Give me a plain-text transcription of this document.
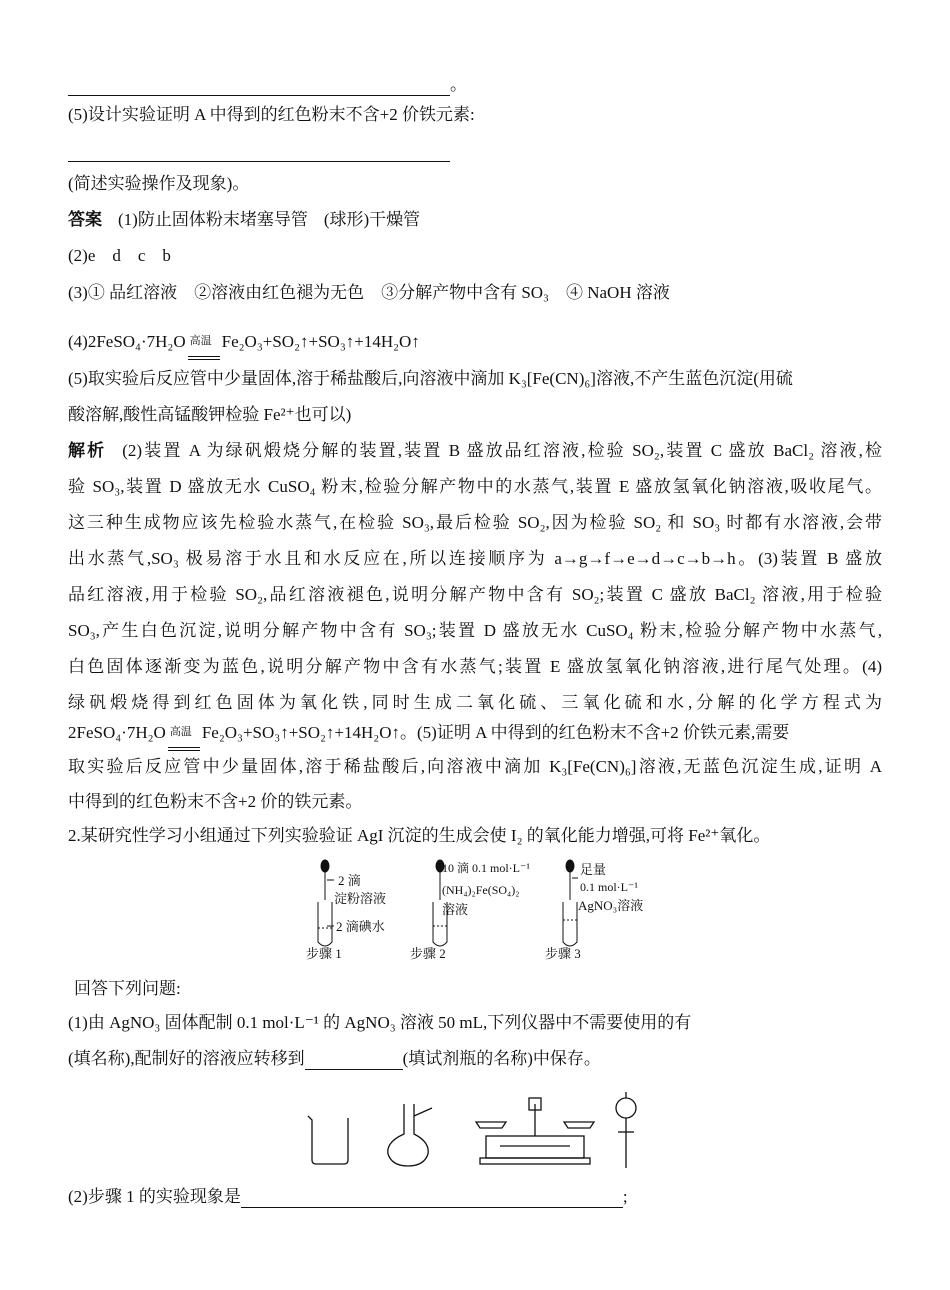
。
(5)设计实验证明 A 中得到的红色粉末不含+2 价铁元素:
(简述实验操作及现象)。
答案 (1)防止固体粉末堵塞导管 (球形)干燥管
(2)e　d　c　b
(3)① 品红溶液　②溶液由红色褪为无色　③分解产物中含有 SO₃　④ NaOH 溶液
(4)2FeSO₄·7H₂O 高温 Fe₂O₃+SO₂↑+SO₃↑+14H₂O↑
(5)取实验后反应管中少量固体,溶于稀盐酸后,向溶液中滴加 K₃[Fe(CN)₆]溶液,不产生蓝色沉淀(用硫
酸溶解,酸性高锰酸钾检验 Fe²⁺也可以)
解析 (2)装置 A 为绿矾煅烧分解的装置,装置 B 盛放品红溶液,检验 SO₂,装置 C 盛放 BaCl₂ 溶液,检
验 SO₃,装置 D 盛放无水 CuSO₄ 粉末,检验分解产物中的水蒸气,装置 E 盛放氢氧化钠溶液,吸收尾气。
这三种生成物应该先检验水蒸气,在检验 SO₃,最后检验 SO₂,因为检验 SO₂ 和 SO₃ 时都有水溶液,会带
出水蒸气,SO₃ 极易溶于水且和水反应在,所以连接顺序为 a→g→f→e→d→c→b→h。(3)装置 B 盛放
品红溶液,用于检验 SO₂,品红溶液褪色,说明分解产物中含有 SO₂;装置 C 盛放 BaCl₂ 溶液,用于检验
SO₃,产生白色沉淀,说明分解产物中含有 SO₃;装置 D 盛放无水 CuSO₄ 粉末,检验分解产物中水蒸气,
白色固体逐渐变为蓝色,说明分解产物中含有水蒸气;装置 E 盛放氢氧化钠溶液,进行尾气处理。(4)
绿矾煅烧得到红色固体为氧化铁,同时生成二氧化硫、三氧化硫和水,分解的化学方程式为
2FeSO₄·7H₂O 高温 Fe₂O₃+SO₃↑+SO₂↑+14H₂O↑。(5)证明 A 中得到的红色粉末不含+2 价铁元素,需要
取实验后反应管中少量固体,溶于稀盐酸后,向溶液中滴加 K₃[Fe(CN)₆]溶液,无蓝色沉淀生成,证明 A
中得到的红色粉末不含+2 价的铁元素。
2.某研究性学习小组通过下列实验验证 AgI 沉淀的生成会使 I₂ 的氧化能力增强,可将 Fe²⁺氧化。
2 滴
淀粉溶液
2 滴碘水
步骤 1
10 滴 0.1 mol·L⁻¹
(NH₄)₂Fe(SO₄)₂
溶液
步骤 2
足量
0.1 mol·L⁻¹
AgNO₃溶液
步骤 3
回答下列问题:
(1)由 AgNO₃ 固体配制 0.1 mol·L⁻¹ 的 AgNO₃ 溶液 50 mL,下列仪器中不需要使用的有
(填名称),配制好的溶液应转移到	(填试剂瓶的名称)中保存。
(2)步骤 1 的实验现象是	;
